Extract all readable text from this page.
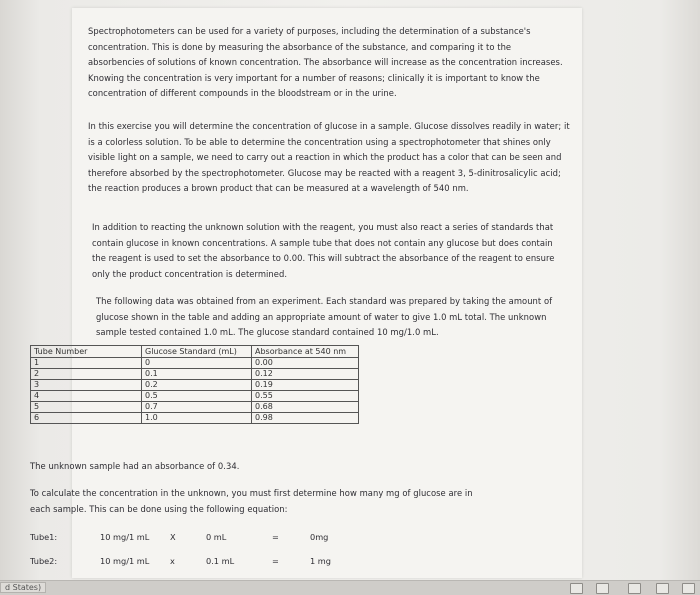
Spectrophotometers can be used for a variety of purposes, including the determination of a substance's concentration. This is done by measuring the absorbance of the substance, and comparing it to the absorbencies of solutions of known concentration. The absorbance will increase as the concentration increases. Knowing the concentration is very important for a number of reasons; clinically it is important to know the concentration of different compounds in the bloodstream or in the urine.

In this exercise you will determine the concentration of glucose in a sample. Glucose dissolves readily in water; it is a colorless solution. To be able to determine the concentration using a spectrophotometer that shines only visible light on a sample, we need to carry out a reaction in which the product has a color that can be seen and therefore absorbed by the spectrophotometer. Glucose may be reacted with a reagent 3, 5-dinitrosalicylic acid; the reaction produces a brown product that can be measured at a wavelength of 540 nm.

In addition to reacting the unknown solution with the reagent, you must also react a series of standards that contain glucose in known concentrations. A sample tube that does not contain any glucose but does contain the reagent is used to set the absorbance to 0.00. This will subtract the absorbance of the reagent to ensure only the product concentration is determined.

The following data was obtained from an experiment. Each standard was prepared by taking the amount of glucose shown in the table and adding an appropriate amount of water to give 1.0 mL total. The unknown sample tested contained 1.0 mL. The glucose standard contained 10 mg/1.0 mL.

Tube Number	Glucose Standard (mL)	Absorbance at 540 nm
1	0	0.00
2	0.1	0.12
3	0.2	0.19
4	0.5	0.55
5	0.7	0.68
6	1.0	0.98

The unknown sample had an absorbance of 0.34.

To calculate the concentration in the unknown, you must first determine how many mg of glucose are in each sample. This can be done using the following equation:

Tube1:	10 mg/1 mL	X	0 mL	=	0mg
Tube2:	10 mg/1 mL	x	0.1 mL	=	1 mg
d States)
